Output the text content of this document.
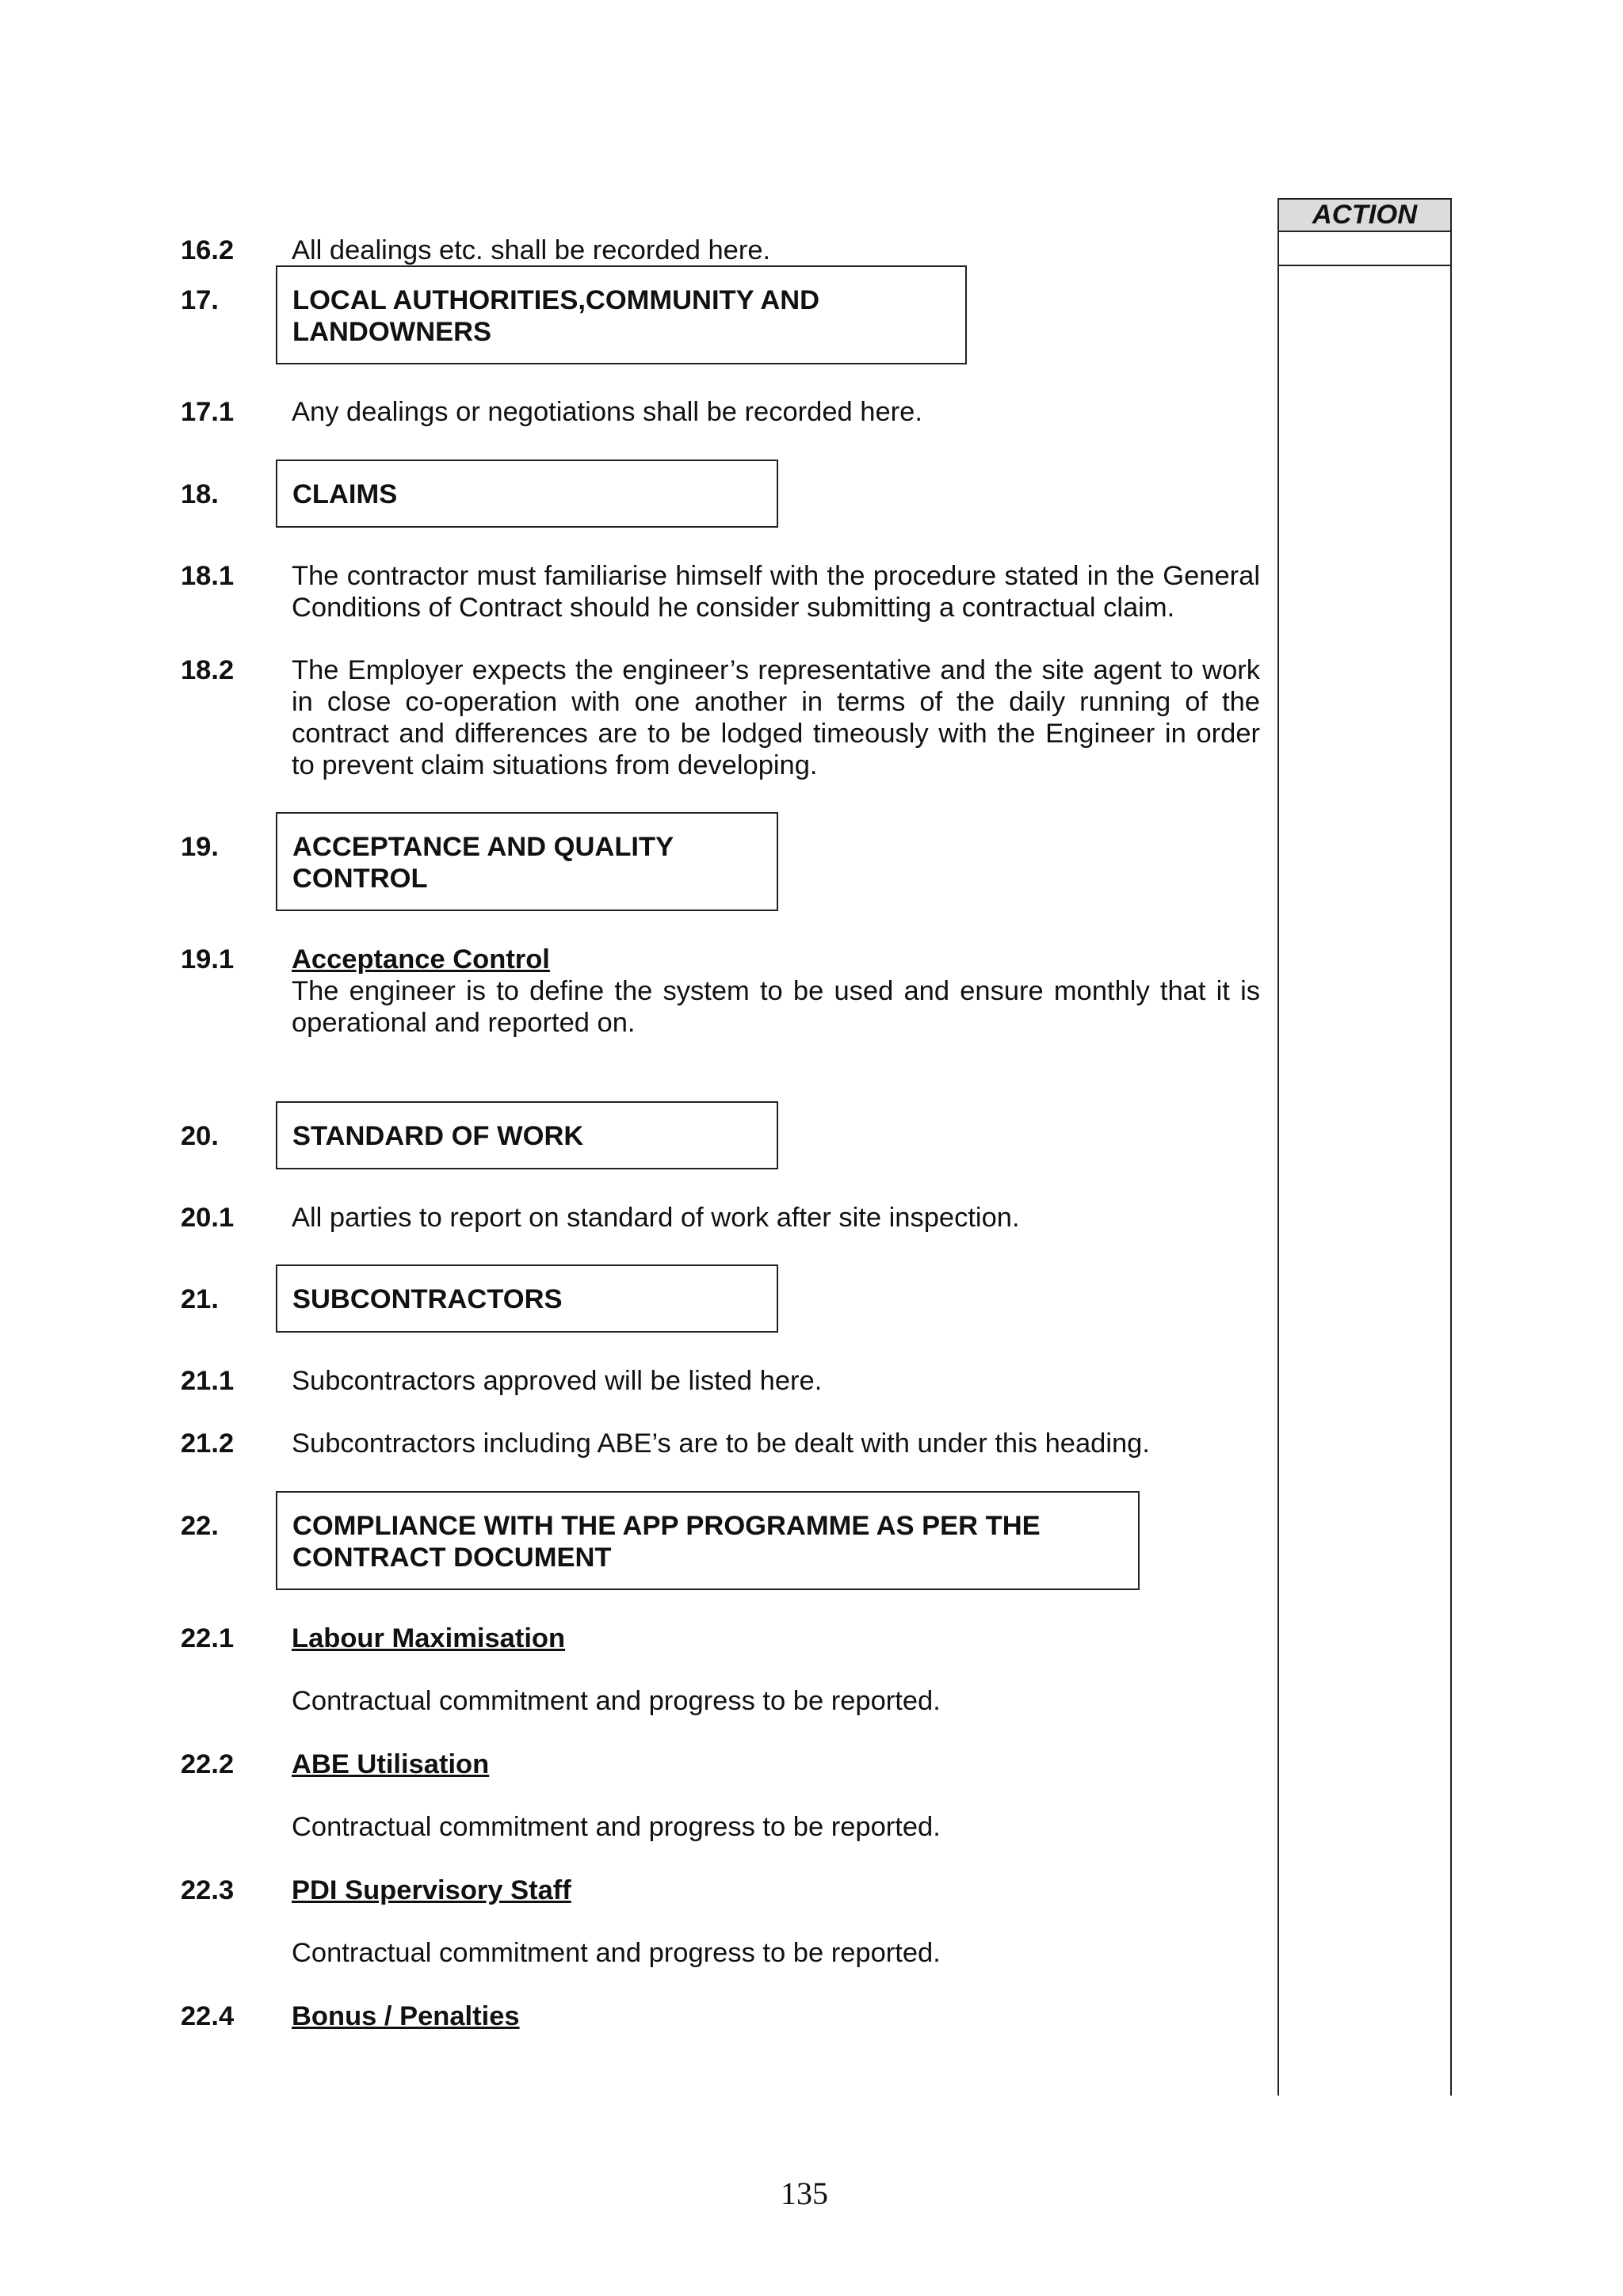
ACTION
16.2 All dealings etc. shall be recorded here.
17.	LOCAL AUTHORITIES,COMMUNITY AND
LANDOWNERS
17.1 Any dealings or negotiations shall be recorded here.
18.	CLAIMS
18.1 The contractor must familiarise himself with the procedure stated in the General Conditions of Contract should he consider submitting a contractual claim.
18.2 The Employer expects the engineer’s representative and the site agent to work in close co-operation with one another in terms of the daily running of the contract and differences are to be lodged timeously with the Engineer in order to prevent claim situations from developing.
19.	ACCEPTANCE AND QUALITY
CONTROL
19.1 Acceptance Control
The engineer is to define the system to be used and ensure monthly that it is operational and reported on.
20.	STANDARD OF WORK
20.1 All parties to report on standard of work after site inspection.
21.	SUBCONTRACTORS
21.1 Subcontractors approved will be listed here.
21.2 Subcontractors including ABE’s are to be dealt with under this heading.
22.	COMPLIANCE WITH THE APP PROGRAMME AS PER THE
CONTRACT DOCUMENT
22.1 Labour Maximisation
Contractual commitment and progress to be reported.
22.2 ABE Utilisation
Contractual commitment and progress to be reported.
22.3 PDI Supervisory Staff
Contractual commitment and progress to be reported.
22.4 Bonus / Penalties
135
